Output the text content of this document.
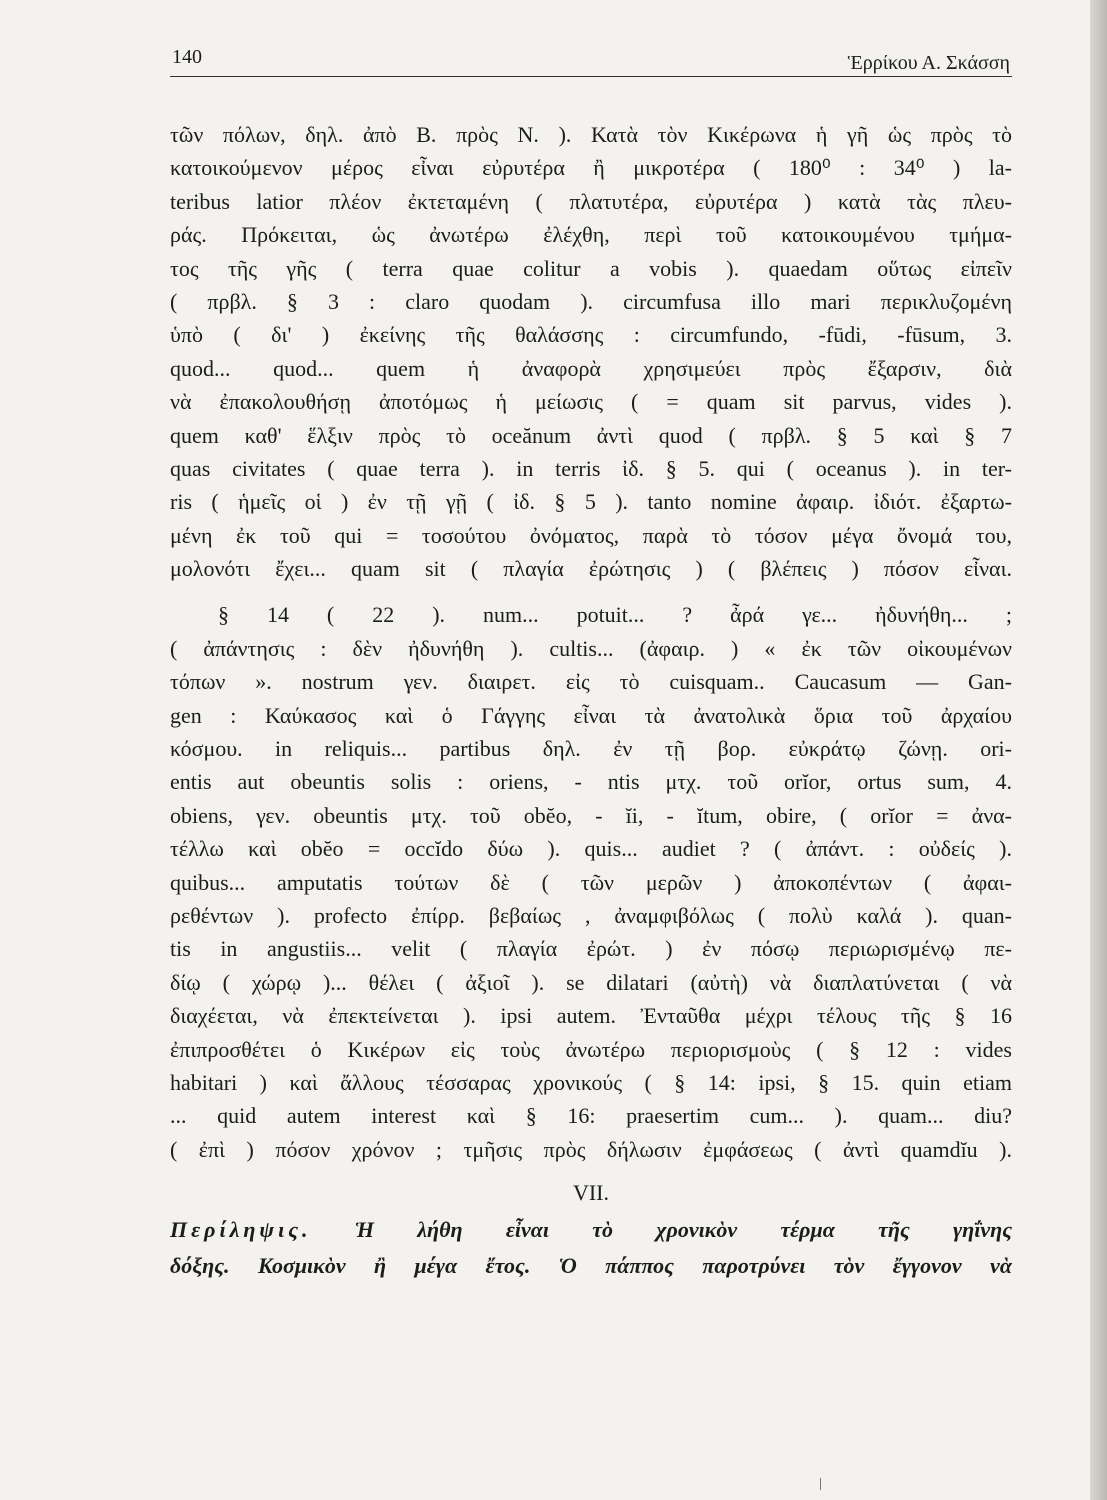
140	Ἑρρίκου Α. Σκάσση
τῶν πόλων, δηλ. ἀπὸ Β. πρὸς Ν. ). Κατὰ τὸν Κικέρωνα ἡ γῆ ὡς πρὸς τὸ
κατοικούμενον μέρος εἶναι εὐρυτέρα ἢ μικροτέρα ( 180⁰ : 34⁰ ) la-
teribus latior πλέον ἐκτεταμένη ( πλατυτέρα, εὐρυτέρα ) κατὰ τὰς πλευ-
ράς. Πρόκειται, ὡς ἀνωτέρω ἐλέχθη, περὶ τοῦ κατοικουμένου τμήμα-
τος τῆς γῆς ( terra quae colitur a vobis ). quaedam οὕτως εἰπεῖν
( πρβλ. § 3 : claro quodam ). circumfusa illo mari περικλυζομένη
ὑπὸ ( δι' ) ἐκείνης τῆς θαλάσσης : circumfundo, -fūdi, -fūsum, 3.
quod... quod... quem ἡ ἀναφορὰ χρησιμεύει πρὸς ἔξαρσιν, διὰ
νὰ ἐπακολουθήσῃ ἀποτόμως ἡ μείωσις ( = quam sit parvus, vides ).
quem καθ' ἕλξιν πρὸς τὸ oceănum ἀντὶ quod ( πρβλ. § 5 καὶ § 7
quas civitates ( quae terra ). in terris ἰδ. § 5. qui ( oceanus ). in ter-
ris ( ἡμεῖς οἱ ) ἐν τῇ γῇ ( ἰδ. § 5 ). tanto nomine ἀφαιρ. ἰδιότ. ἐξαρτω-
μένη ἐκ τοῦ qui = τοσούτου ὀνόματος, παρὰ τὸ τόσον μέγα ὄνομά του,
μολονότι ἔχει... quam sit ( πλαγία ἐρώτησις ) ( βλέπεις ) πόσον εἶναι.
§ 14 ( 22 ). num... potuit... ? ἆρά γε... ἠδυνήθη... ;
( ἀπάντησις : δὲν ἠδυνήθη ). cultis... (ἀφαιρ. ) « ἐκ τῶν οἰκουμένων
τόπων ». nostrum γεν. διαιρετ. εἰς τὸ cuisquam.. Caucasum — Gan-
gen : Καύκασος καὶ ὁ Γάγγης εἶναι τὰ ἀνατολικὰ ὅρια τοῦ ἀρχαίου
κόσμου. in reliquis... partibus δηλ. ἐν τῇ βορ. εὐκράτῳ ζώνῃ. ori-
entis aut obeuntis solis : oriens, - ntis μτχ. τοῦ orĭor, ortus sum, 4.
obiens, γεν. obeuntis μτχ. τοῦ obĕo, - ĭi, - ĭtum, obire, ( orĭor = ἀνα-
τέλλω καὶ obĕo = occĭdo δύω ). quis... audiet ? ( ἀπάντ. : οὐδείς ).
quibus... amputatis τούτων δὲ ( τῶν μερῶν ) ἀποκοπέντων ( ἀφαι-
ρεθέντων ). profecto ἐπίρρ. βεβαίως , ἀναμφιβόλως ( πολὺ καλά ). quan-
tis in angustiis... velit ( πλαγία ἐρώτ. ) ἐν πόσῳ περιωρισμένῳ πε-
δίῳ ( χώρῳ )... θέλει ( ἀξιοῖ ). se dilatari (αὐτὴ) νὰ διαπλατύνεται ( νὰ
διαχέεται, νὰ ἐπεκτείνεται ). ipsi autem. Ἐνταῦθα μέχρι τέλους τῆς § 16
ἐπιπροσθέτει ὁ Κικέρων εἰς τοὺς ἀνωτέρω περιορισμοὺς ( § 12 : vides
habitari ) καὶ ἄλλους τέσσαρας χρονικούς ( § 14: ipsi, § 15. quin etiam
... quid autem interest καὶ § 16: praesertim cum... ). quam... diu?
( ἐπὶ ) πόσον χρόνον ; τμῆσις πρὸς δήλωσιν ἐμφάσεως ( ἀντὶ quamdĭu ).
VII.
Περίληψις. Ἡ λήθη εἶναι τὸ χρονικὸν τέρμα τῆς γηΐνης
δόξης. Κοσμικὸν ἢ μέγα ἔτος. Ὁ πάππος παροτρύνει τὸν ἔγγονον νὰ
